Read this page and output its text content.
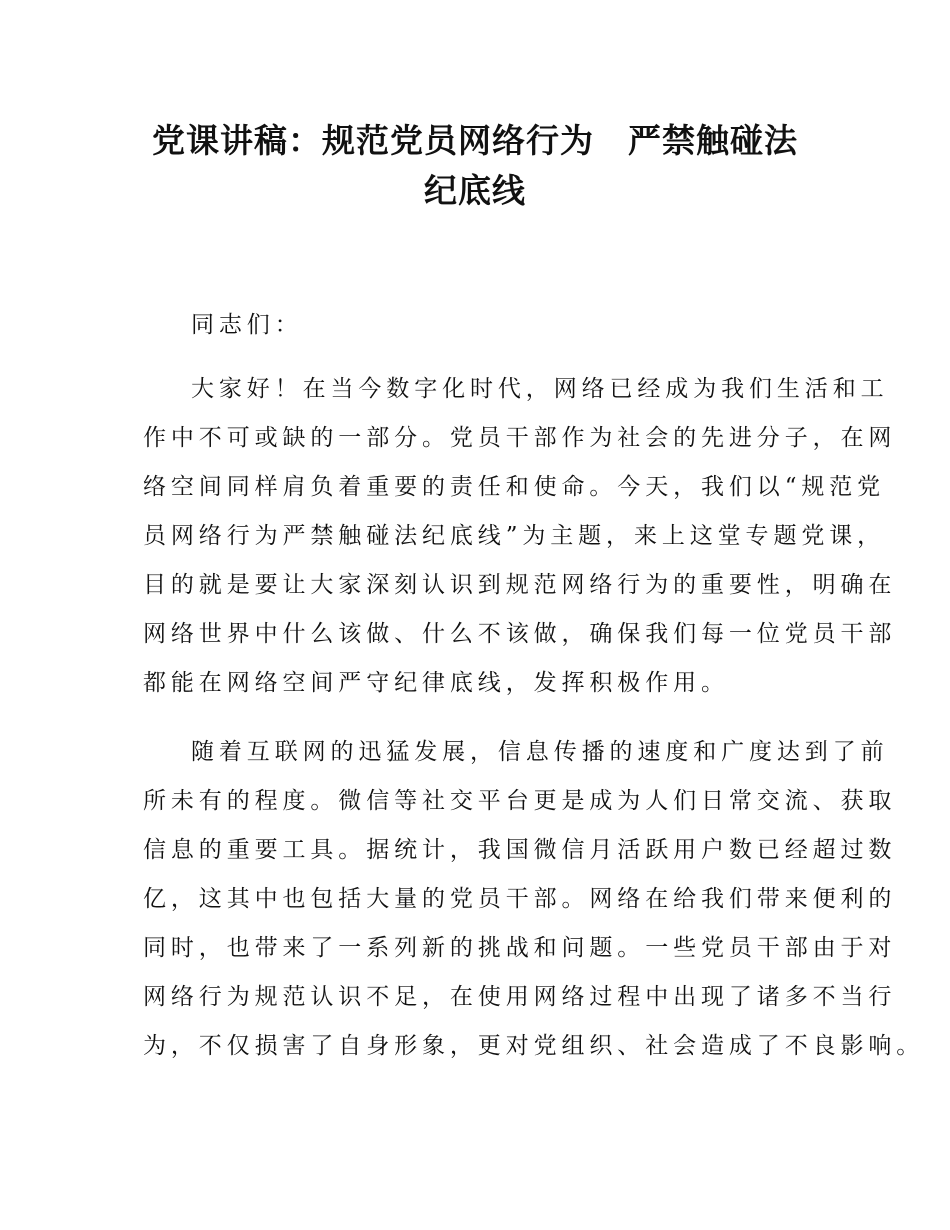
党课讲稿：规范党员网络行为　严禁触碰法
纪底线
同志们：
大家好！在当今数字化时代，网络已经成为我们生活和工
作中不可或缺的一部分。党员干部作为社会的先进分子，在网
络空间同样肩负着重要的责任和使命。今天，我们以“规范党
员网络行为严禁触碰法纪底线”为主题，来上这堂专题党课，
目的就是要让大家深刻认识到规范网络行为的重要性，明确在
网络世界中什么该做、什么不该做，确保我们每一位党员干部
都能在网络空间严守纪律底线，发挥积极作用。
随着互联网的迅猛发展，信息传播的速度和广度达到了前
所未有的程度。微信等社交平台更是成为人们日常交流、获取
信息的重要工具。据统计，我国微信月活跃用户数已经超过数
亿，这其中也包括大量的党员干部。网络在给我们带来便利的
同时，也带来了一系列新的挑战和问题。一些党员干部由于对
网络行为规范认识不足，在使用网络过程中出现了诸多不当行
为，不仅损害了自身形象，更对党组织、社会造成了不良影响。
